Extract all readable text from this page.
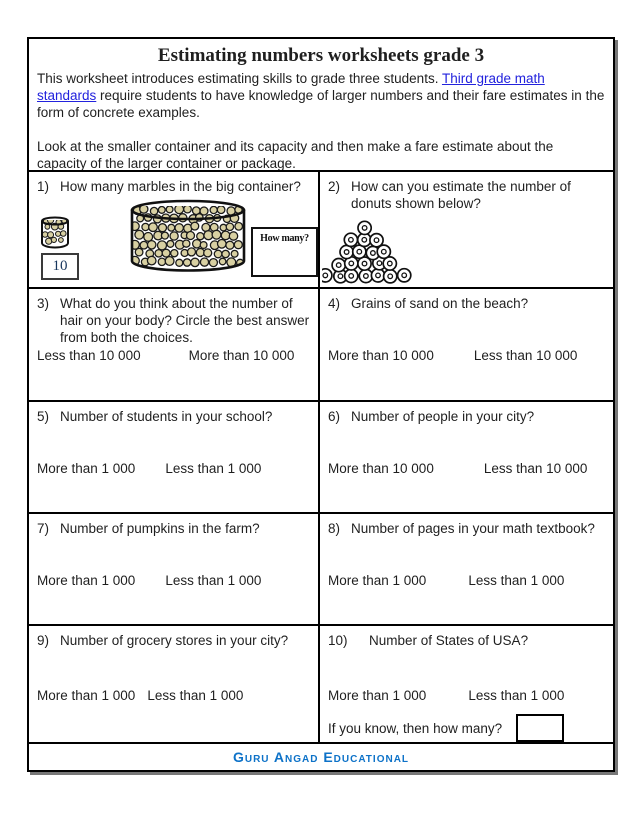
Estimating numbers worksheets grade 3

This worksheet introduces estimating skills to grade three students. Third grade math standards require students to have knowledge of larger numbers and their fare estimates in the form of concrete examples.

Look at the smaller container and its capacity and then make a fare estimate about the capacity of the larger container or package.

1) How many marbles in the big container?
10
How many?
2) How can you estimate the number of donuts shown below?
3) What do you think about the number of hair on your body? Circle the best answer from both the choices.
Less than 10 000	More than 10 000
4) Grains of sand on the beach?
More than 10 000	Less than 10 000
5) Number of students in your school?
More than 1 000 Less than 1 000
6) Number of people in your city?
More than 10 000	Less than 10 000
7) Number of pumpkins in the farm?
More than 1 000 Less than 1 000
8) Number of pages in your math textbook?
More than 1 000	Less than 1 000
9) Number of grocery stores in your city?
More than 1 000 Less than 1 000
10)	Number of States of USA?
More than 1 000	Less than 1 000
If you know, then how many?
Guru Angad Educational
